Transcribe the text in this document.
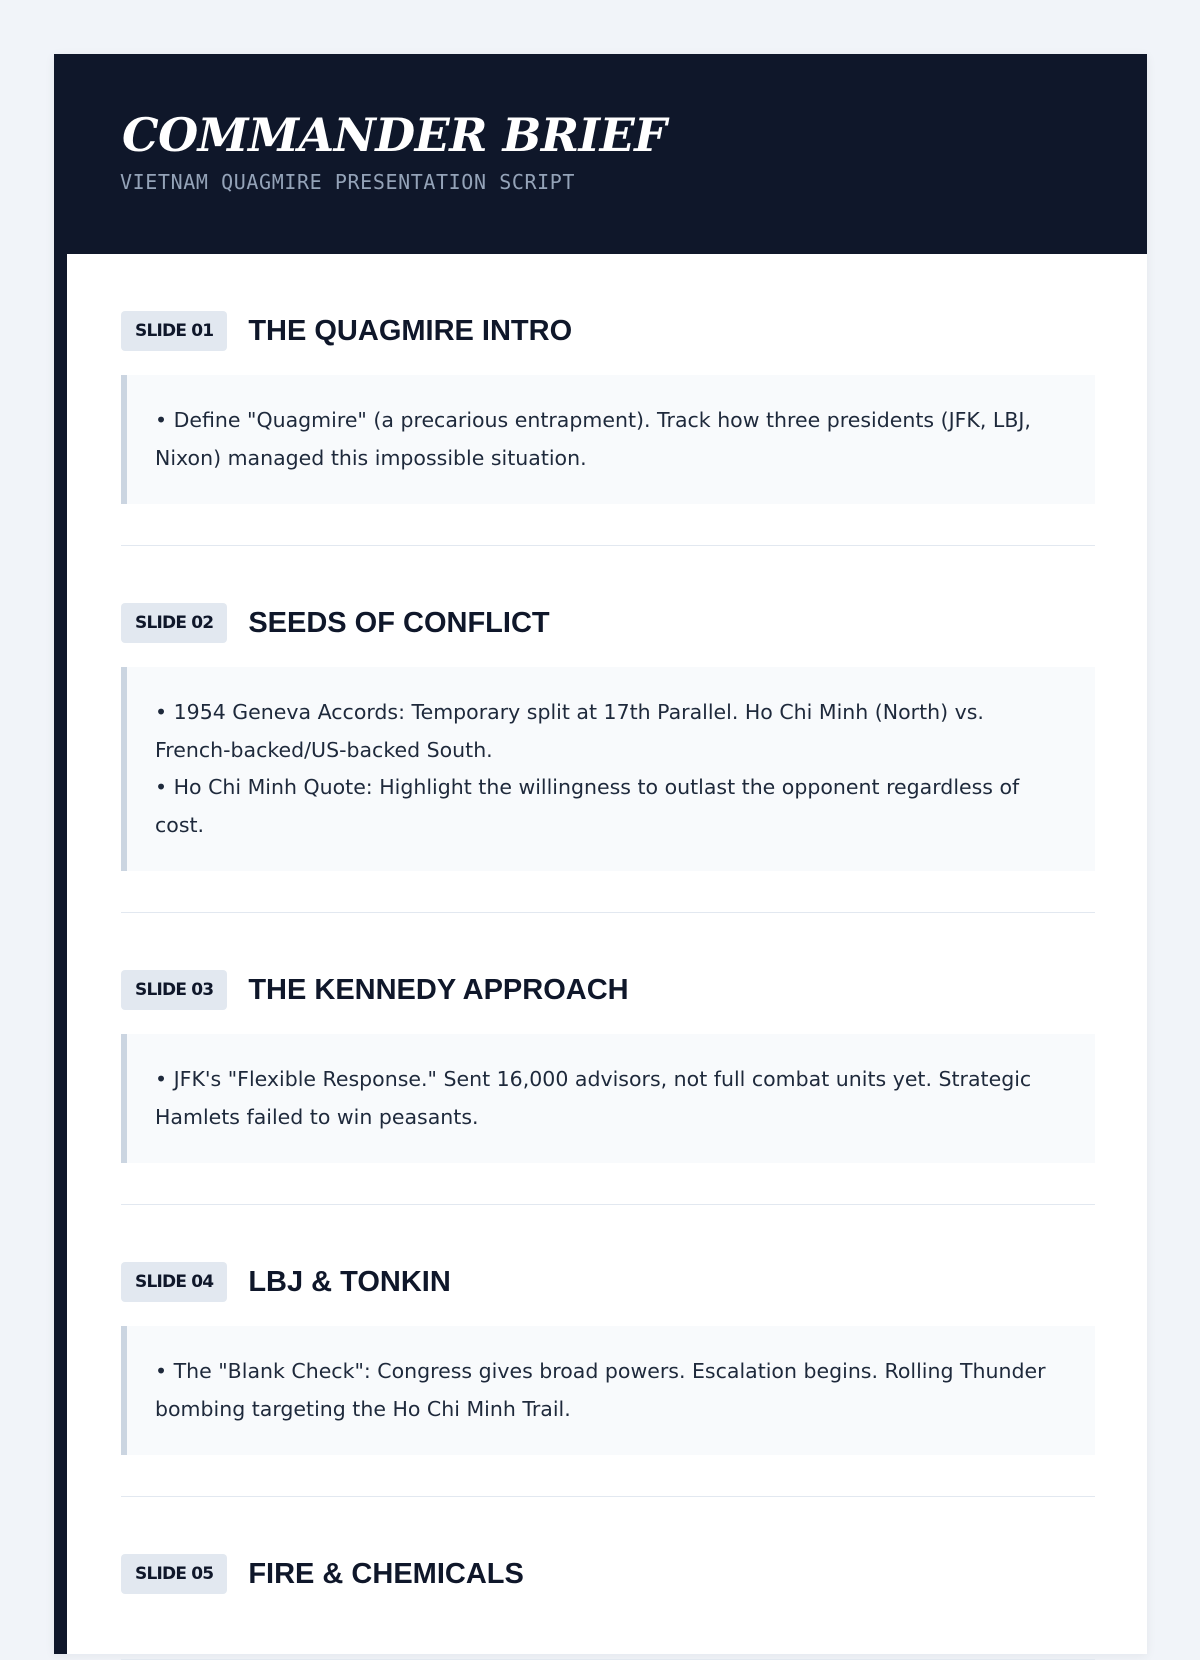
COMMANDER BRIEF
VIETNAM QUAGMIRE PRESENTATION SCRIPT
SLIDE 01	THE QUAGMIRE INTRO

• Define "Quagmire" (a precarious entrapment). Track how three presidents (JFK, LBJ, Nixon) managed this impossible situation.

SLIDE 02	SEEDS OF CONFLICT

• 1954 Geneva Accords: Temporary split at 17th Parallel. Ho Chi Minh (North) vs. French-backed/US-backed South.

• Ho Chi Minh Quote: Highlight the willingness to outlast the opponent regardless of cost.

SLIDE 03	THE KENNEDY APPROACH

• JFK's "Flexible Response." Sent 16,000 advisors, not full combat units yet. Strategic Hamlets failed to win peasants.

SLIDE 04	LBJ & TONKIN

• The "Blank Check": Congress gives broad powers. Escalation begins. Rolling Thunder bombing targeting the Ho Chi Minh Trail.

SLIDE 05	FIRE & CHEMICALS
